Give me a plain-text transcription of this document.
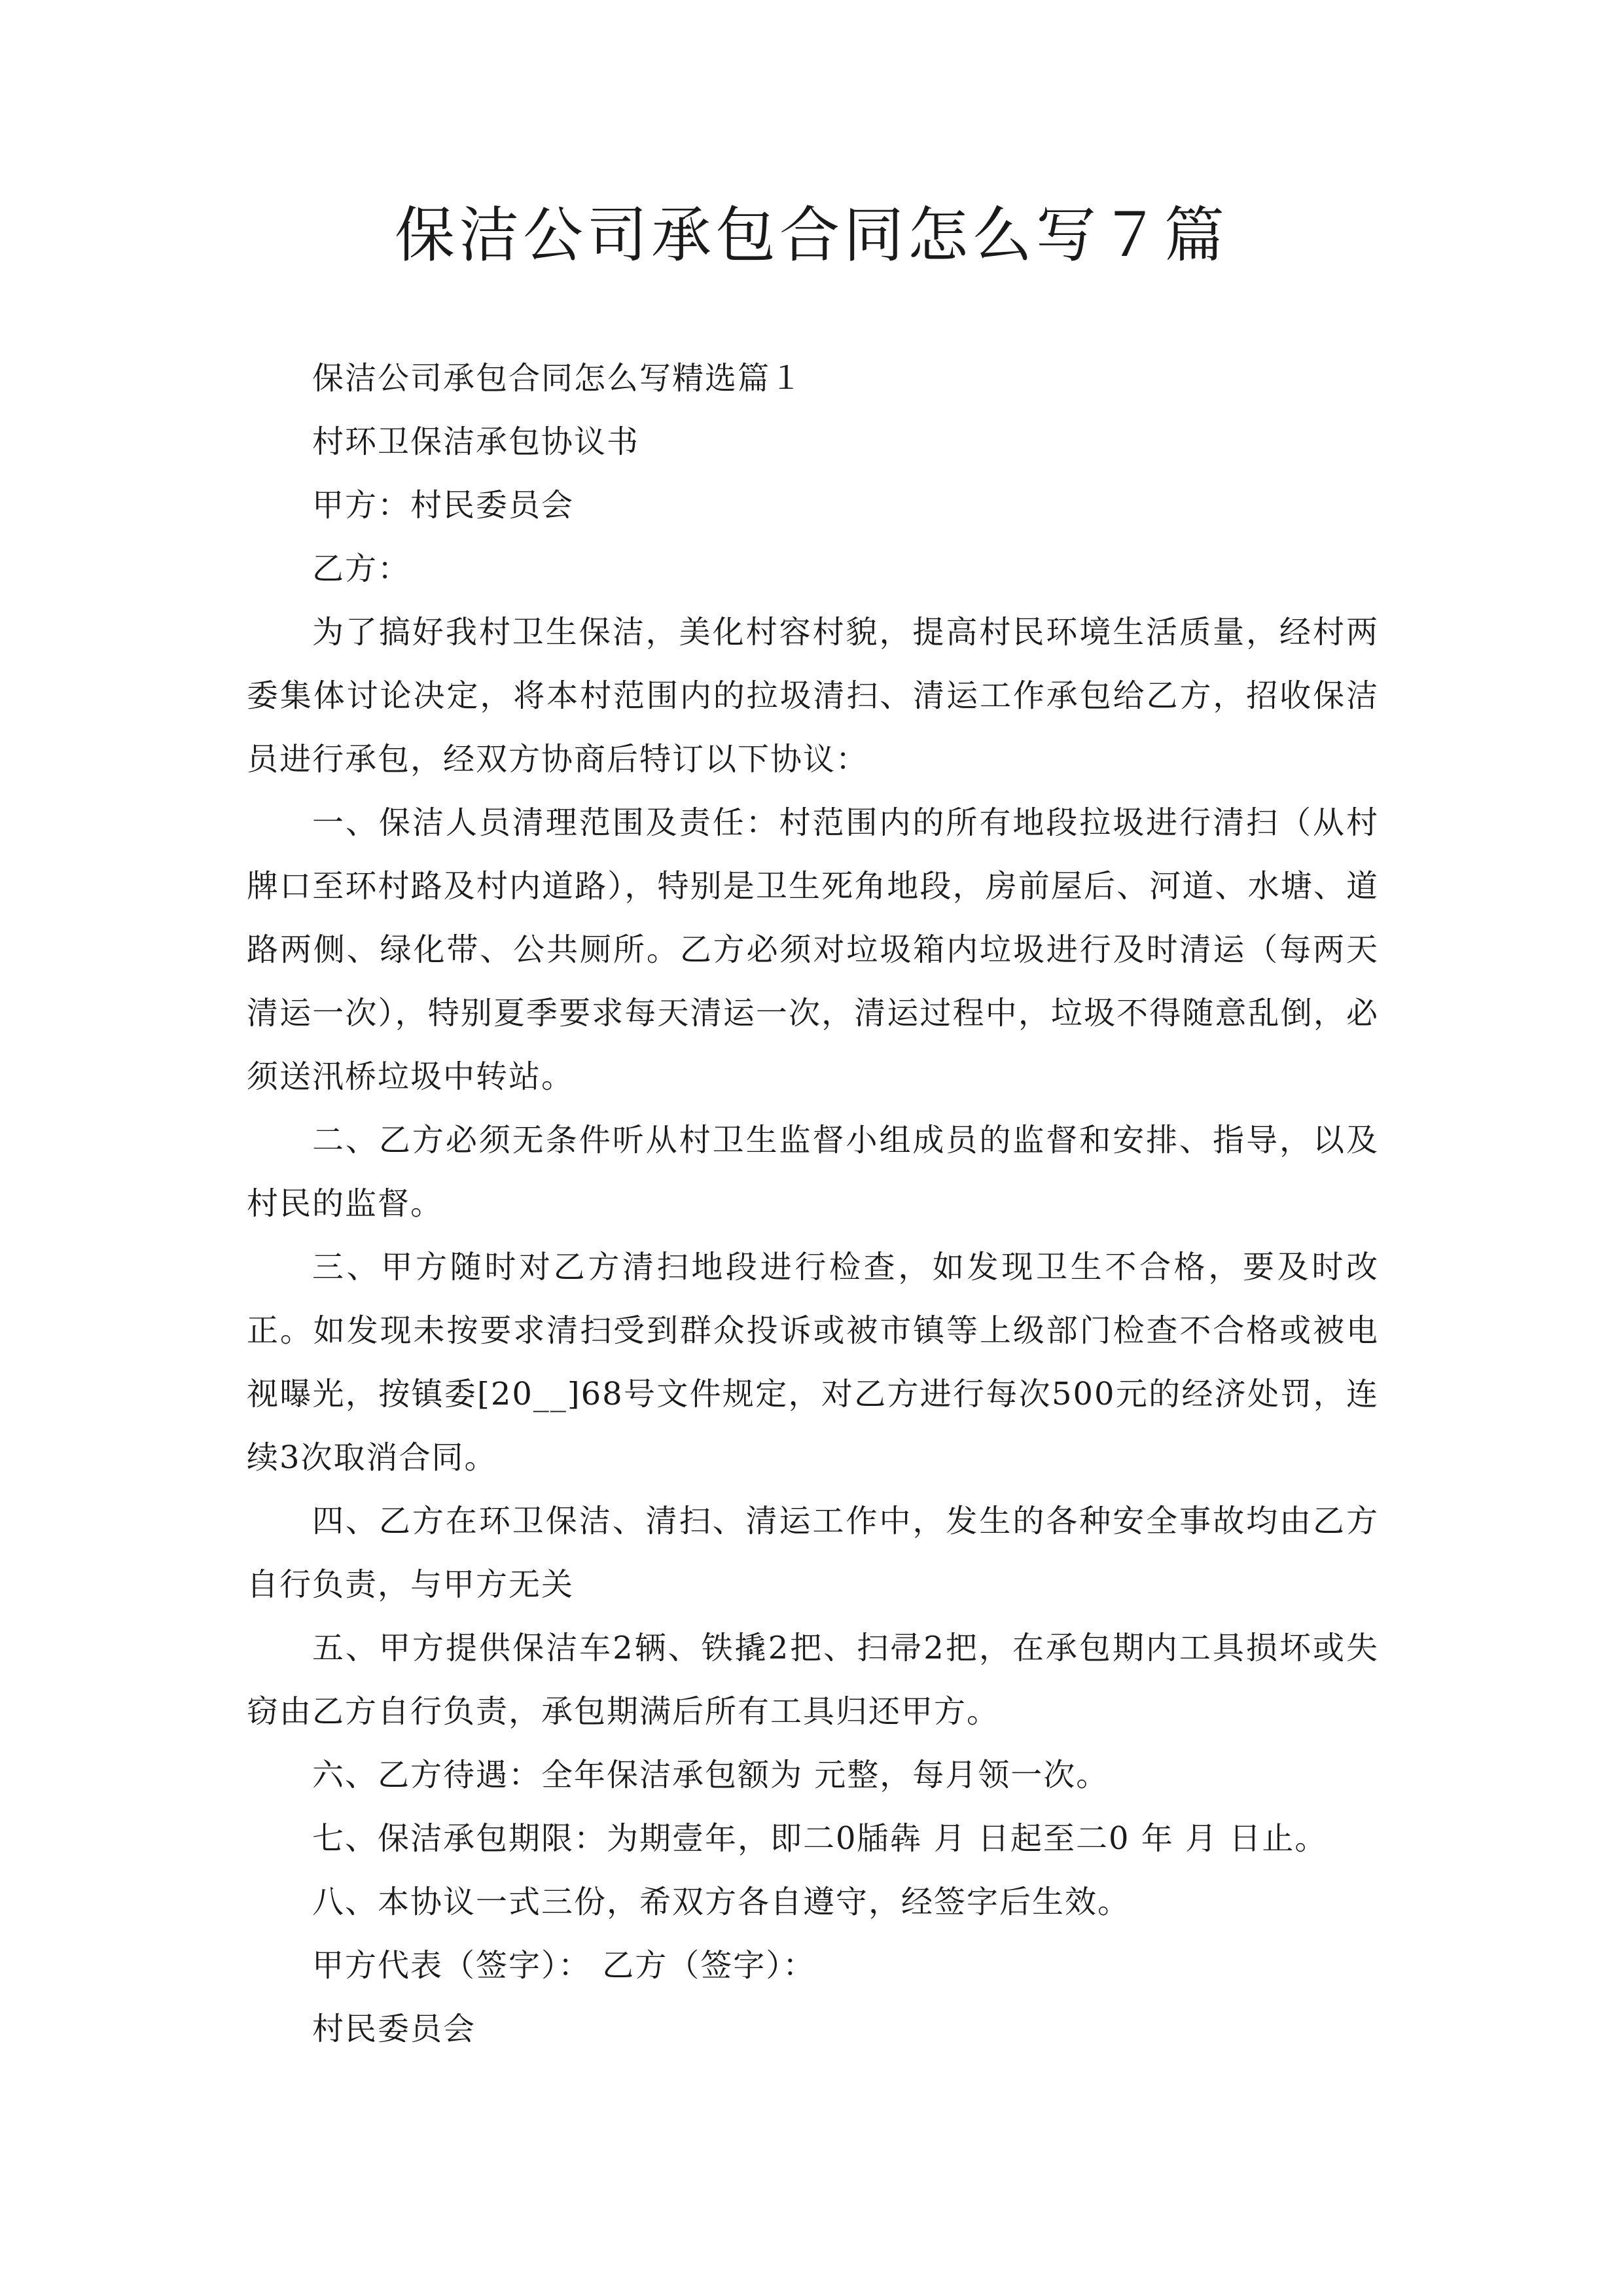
保洁公司承包合同怎么写７篇

保洁公司承包合同怎么写精选篇１

村环卫保洁承包协议书

甲方：村民委员会

乙方：

为了搞好我村卫生保洁，美化村容村貌，提高村民环境生活质量，经村两委集体讨论决定，将本村范围内的拉圾清扫、清运工作承包给乙方，招收保洁员进行承包，经双方协商后特订以下协议：

一、保洁人员清理范围及责任：村范围内的所有地段拉圾进行清扫（从村牌口至环村路及村内道路），特别是卫生死角地段，房前屋后、河道、水塘、道路两侧、绿化带、公共厕所。乙方必须对垃圾箱内垃圾进行及时清运（每两天清运一次），特别夏季要求每天清运一次，清运过程中，垃圾不得随意乱倒，必须送汛桥垃圾中转站。

二、乙方必须无条件听从村卫生监督小组成员的监督和安排、指导，以及村民的监督。

三、甲方随时对乙方清扫地段进行检查，如发现卫生不合格，要及时改正。如发现未按要求清扫受到群众投诉或被市镇等上级部门检查不合格或被电视曝光，按镇委[20__]68号文件规定，对乙方进行每次500元的经济处罚，连续3次取消合同。

四、乙方在环卫保洁、清扫、清运工作中，发生的各种安全事故均由乙方自行负责，与甲方无关

五、甲方提供保洁车2辆、铁撬2把、扫帚2把，在承包期内工具损坏或失窃由乙方自行负责，承包期满后所有工具归还甲方。

六、乙方待遇：全年保洁承包额为 元整，每月领一次。

七、保洁承包期限：为期壹年，即二0牐犇 月 日起至二0 年 月 日止。

八、本协议一式三份，希双方各自遵守，经签字后生效。

甲方代表（签字）： 乙方（签字）：

村民委员会
